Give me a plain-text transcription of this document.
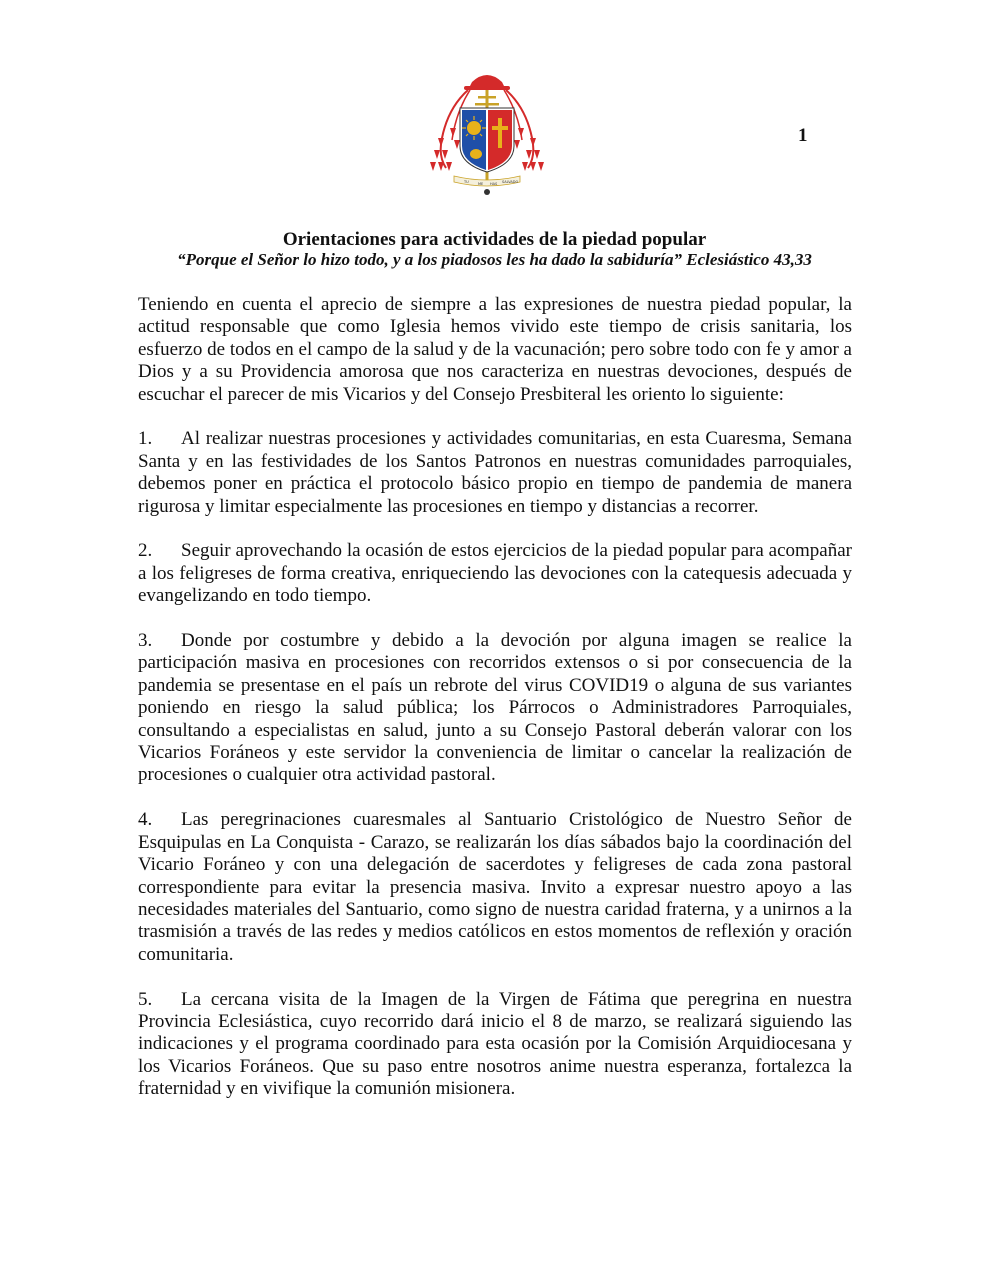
TU	ME HAS SALVADO
1
Orientaciones para actividades de la piedad popular
“Porque el Señor lo hizo todo, y a los piadosos les ha dado la sabiduría” Eclesiástico 43,33

Teniendo en cuenta el aprecio de siempre a las expresiones de nuestra piedad popular, la actitud responsable que como Iglesia hemos vivido este tiempo de crisis sanitaria, los esfuerzo de todos en el campo de la salud y de la vacunación; pero sobre todo con fe y amor a Dios y a su Providencia amorosa que nos caracteriza en nuestras devociones, después de escuchar el parecer de mis Vicarios y del Consejo Presbiteral les oriento lo siguiente:

1. Al realizar nuestras procesiones y actividades comunitarias, en esta Cuaresma, Semana Santa y en las festividades de los Santos Patronos en nuestras comunidades parroquiales, debemos poner en práctica el protocolo básico propio en tiempo de pandemia de manera rigurosa y limitar especialmente las procesiones en tiempo y distancias a recorrer.

2. Seguir aprovechando la ocasión de estos ejercicios de la piedad popular para acompañar a los feligreses de forma creativa, enriqueciendo las devociones con la catequesis adecuada y evangelizando en todo tiempo.

3. Donde por costumbre y debido a la devoción por alguna imagen se realice la participación masiva en procesiones con recorridos extensos o si por consecuencia de la pandemia se presentase en el país un rebrote del virus COVID19 o alguna de sus variantes poniendo en riesgo la salud pública; los Párrocos o Administradores Parroquiales, consultando a especialistas en salud, junto a su Consejo Pastoral deberán valorar con los Vicarios Foráneos y este servidor la conveniencia de limitar o cancelar la realización de procesiones o cualquier otra actividad pastoral.

4. Las peregrinaciones cuaresmales al Santuario Cristológico de Nuestro Señor de Esquipulas en La Conquista - Carazo, se realizarán los días sábados bajo la coordinación del Vicario Foráneo y con una delegación de sacerdotes y feligreses de cada zona pastoral correspondiente para evitar la presencia masiva. Invito a expresar nuestro apoyo a las necesidades materiales del Santuario, como signo de nuestra caridad fraterna, y a unirnos a la trasmisión a través de las redes y medios católicos en estos momentos de reflexión y oración comunitaria.

5. La cercana visita de la Imagen de la Virgen de Fátima que peregrina en nuestra Provincia Eclesiástica, cuyo recorrido dará inicio el 8 de marzo, se realizará siguiendo las indicaciones y el programa coordinado para esta ocasión por la Comisión Arquidiocesana y los Vicarios Foráneos. Que su paso entre nosotros anime nuestra esperanza, fortalezca la fraternidad y en vivifique la comunión misionera.
